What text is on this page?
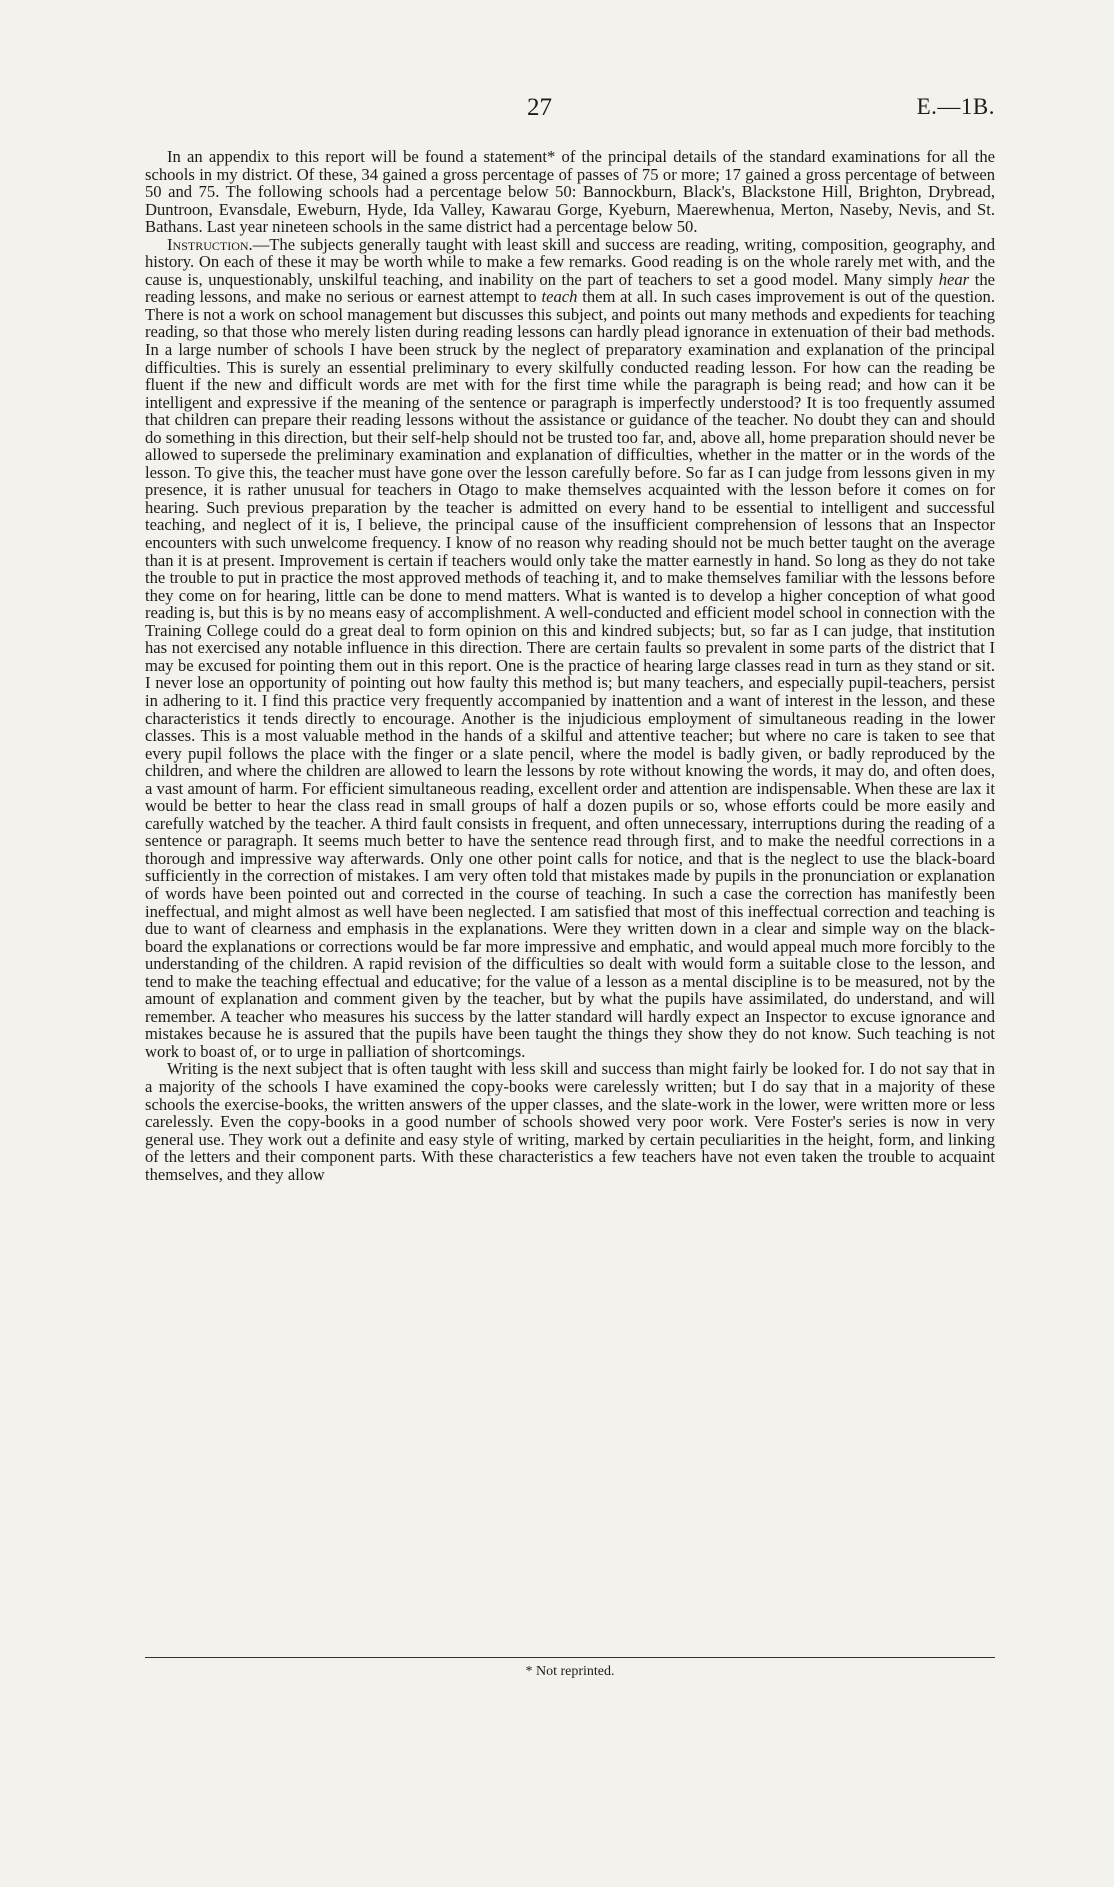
27	E.—1B.

In an appendix to this report will be found a statement* of the principal details of the standard examinations for all the schools in my district. Of these, 34 gained a gross percentage of passes of 75 or more; 17 gained a gross percentage of between 50 and 75. The following schools had a percentage below 50: Bannockburn, Black's, Blackstone Hill, Brighton, Drybread, Duntroon, Evansdale, Eweburn, Hyde, Ida Valley, Kawarau Gorge, Kyeburn, Maerewhenua, Merton, Naseby, Nevis, and St. Bathans. Last year nineteen schools in the same district had a percentage below 50.

Instruction.—The subjects generally taught with least skill and success are reading, writing, composition, geography, and history. On each of these it may be worth while to make a few remarks. Good reading is on the whole rarely met with, and the cause is, unquestionably, unskilful teaching, and inability on the part of teachers to set a good model. Many simply hear the reading lessons, and make no serious or earnest attempt to teach them at all. In such cases improvement is out of the question. There is not a work on school management but discusses this subject, and points out many methods and expedients for teaching reading, so that those who merely listen during reading lessons can hardly plead ignorance in extenuation of their bad methods. In a large number of schools I have been struck by the neglect of preparatory examination and explanation of the principal difficulties. This is surely an essential preliminary to every skilfully conducted reading lesson. For how can the reading be fluent if the new and difficult words are met with for the first time while the paragraph is being read; and how can it be intelligent and expressive if the meaning of the sentence or paragraph is imperfectly understood? It is too frequently assumed that children can prepare their reading lessons without the assistance or guidance of the teacher. No doubt they can and should do something in this direction, but their self-help should not be trusted too far, and, above all, home preparation should never be allowed to supersede the preliminary examination and explanation of difficulties, whether in the matter or in the words of the lesson. To give this, the teacher must have gone over the lesson carefully before. So far as I can judge from lessons given in my presence, it is rather unusual for teachers in Otago to make themselves acquainted with the lesson before it comes on for hearing. Such previous preparation by the teacher is admitted on every hand to be essential to intelligent and successful teaching, and neglect of it is, I believe, the principal cause of the insufficient comprehension of lessons that an Inspector encounters with such unwelcome frequency. I know of no reason why reading should not be much better taught on the average than it is at present. Improvement is certain if teachers would only take the matter earnestly in hand. So long as they do not take the trouble to put in practice the most approved methods of teaching it, and to make themselves familiar with the lessons before they come on for hearing, little can be done to mend matters. What is wanted is to develop a higher conception of what good reading is, but this is by no means easy of accomplishment. A well-conducted and efficient model school in connection with the Training College could do a great deal to form opinion on this and kindred subjects; but, so far as I can judge, that institution has not exercised any notable influence in this direction. There are certain faults so prevalent in some parts of the district that I may be excused for pointing them out in this report. One is the practice of hearing large classes read in turn as they stand or sit. I never lose an opportunity of pointing out how faulty this method is; but many teachers, and especially pupil-teachers, persist in adhering to it. I find this practice very frequently accompanied by inattention and a want of interest in the lesson, and these characteristics it tends directly to encourage. Another is the injudicious employment of simultaneous reading in the lower classes. This is a most valuable method in the hands of a skilful and attentive teacher; but where no care is taken to see that every pupil follows the place with the finger or a slate pencil, where the model is badly given, or badly reproduced by the children, and where the children are allowed to learn the lessons by rote without knowing the words, it may do, and often does, a vast amount of harm. For efficient simultaneous reading, excellent order and attention are indispensable. When these are lax it would be better to hear the class read in small groups of half a dozen pupils or so, whose efforts could be more easily and carefully watched by the teacher. A third fault consists in frequent, and often unnecessary, interruptions during the reading of a sentence or paragraph. It seems much better to have the sentence read through first, and to make the needful corrections in a thorough and impressive way afterwards. Only one other point calls for notice, and that is the neglect to use the black-board sufficiently in the correction of mistakes. I am very often told that mistakes made by pupils in the pronunciation or explanation of words have been pointed out and corrected in the course of teaching. In such a case the correction has manifestly been ineffectual, and might almost as well have been neglected. I am satisfied that most of this ineffectual correction and teaching is due to want of clearness and emphasis in the explanations. Were they written down in a clear and simple way on the black-board the explanations or corrections would be far more impressive and emphatic, and would appeal much more forcibly to the understanding of the children. A rapid revision of the difficulties so dealt with would form a suitable close to the lesson, and tend to make the teaching effectual and educative; for the value of a lesson as a mental discipline is to be measured, not by the amount of explanation and comment given by the teacher, but by what the pupils have assimilated, do understand, and will remember. A teacher who measures his success by the latter standard will hardly expect an Inspector to excuse ignorance and mistakes because he is assured that the pupils have been taught the things they show they do not know. Such teaching is not work to boast of, or to urge in palliation of shortcomings.

Writing is the next subject that is often taught with less skill and success than might fairly be looked for. I do not say that in a majority of the schools I have examined the copy-books were carelessly written; but I do say that in a majority of these schools the exercise-books, the written answers of the upper classes, and the slate-work in the lower, were written more or less carelessly. Even the copy-books in a good number of schools showed very poor work. Vere Foster's series is now in very general use. They work out a definite and easy style of writing, marked by certain peculiarities in the height, form, and linking of the letters and their component parts. With these characteristics a few teachers have not even taken the trouble to acquaint themselves, and they allow

* Not reprinted.
